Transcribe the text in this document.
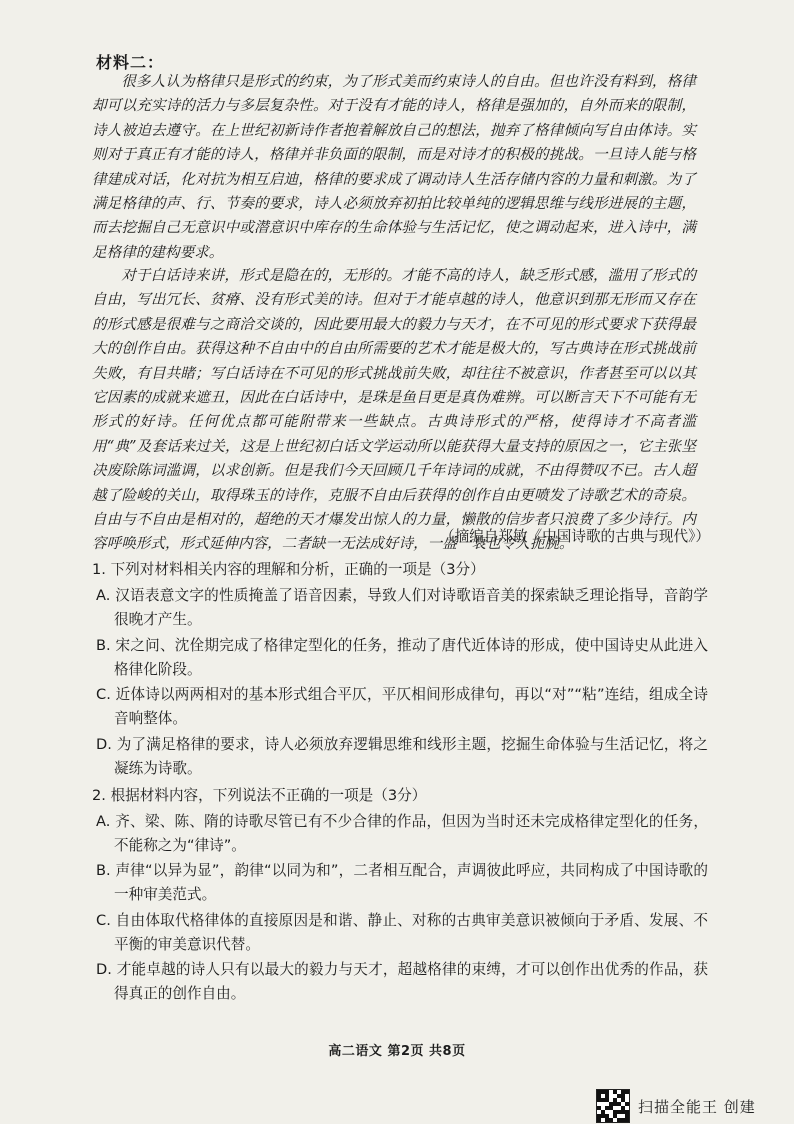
材料二：

很多人认为格律只是形式的约束，为了形式美而约束诗人的自由。但也许没有料到，格律却可以充实诗的活力与多层复杂性。对于没有才能的诗人，格律是强加的，自外而来的限制，诗人被迫去遵守。在上世纪初新诗作者抱着解放自己的想法，抛弃了格律倾向写自由体诗。实则对于真正有才能的诗人，格律并非负面的限制，而是对诗才的积极的挑战。一旦诗人能与格律建成对话，化对抗为相互启迪，格律的要求成了调动诗人生活存储内容的力量和刺激。为了满足格律的声、行、节奏的要求，诗人必须放弃初拍比较单纯的逻辑思维与线形进展的主题，而去挖掘自己无意识中或潜意识中库存的生命体验与生活记忆，使之调动起来，进入诗中，满足格律的建构要求。

对于白话诗来讲，形式是隐在的，无形的。才能不高的诗人，缺乏形式感，滥用了形式的自由，写出冗长、贫瘠、没有形式美的诗。但对于才能卓越的诗人，他意识到那无形而又存在的形式感是很难与之商洽交谈的，因此要用最大的毅力与天才，在不可见的形式要求下获得最大的创作自由。获得这种不自由中的自由所需要的艺术才能是极大的，写古典诗在形式挑战前失败，有目共睹；写白话诗在不可见的形式挑战前失败，却往往不被意识，作者甚至可以以其它因素的成就来遮丑，因此在白话诗中，是珠是鱼目更是真伪难辨。可以断言天下不可能有无形式的好诗。任何优点都可能附带来一些缺点。古典诗形式的严格，使得诗才不高者滥用“典”及套话来过关，这是上世纪初白话文学运动所以能获得大量支持的原因之一，它主张坚决废除陈词滥调，以求创新。但是我们今天回顾几千年诗词的成就，不由得赞叹不已。古人超越了险峻的关山，取得珠玉的诗作，克服不自由后获得的创作自由更喷发了诗歌艺术的奇泉。自由与不自由是相对的，超绝的天才爆发出惊人的力量，懒散的信步者只浪费了多少诗行。内容呼唤形式，形式延伸内容，二者缺一无法成好诗，一盛一衰也令人扼腕。

（摘编自郑敏《中国诗歌的古典与现代》）
1. 下列对材料相关内容的理解和分析，正确的一项是（3分）
A. 汉语表意文字的性质掩盖了语音因素，导致人们对诗歌语音美的探索缺乏理论指导，音韵学很晚才产生。
B. 宋之问、沈佺期完成了格律定型化的任务，推动了唐代近体诗的形成，使中国诗史从此进入格律化阶段。
C. 近体诗以两两相对的基本形式组合平仄，平仄相间形成律句，再以“对”“粘”连结，组成全诗音响整体。
D. 为了满足格律的要求，诗人必须放弃逻辑思维和线形主题，挖掘生命体验与生活记忆，将之凝练为诗歌。
2. 根据材料内容，下列说法不正确的一项是（3分）
A. 齐、梁、陈、隋的诗歌尽管已有不少合律的作品，但因为当时还未完成格律定型化的任务，不能称之为“律诗”。
B. 声律“以异为显”，韵律“以同为和”，二者相互配合，声调彼此呼应，共同构成了中国诗歌的一种审美范式。
C. 自由体取代格律体的直接原因是和谐、静止、对称的古典审美意识被倾向于矛盾、发展、不平衡的审美意识代替。
D. 才能卓越的诗人只有以最大的毅力与天才，超越格律的束缚，才可以创作出优秀的作品，获得真正的创作自由。
高二语文 第2页 共8页
扫描全能王 创建
